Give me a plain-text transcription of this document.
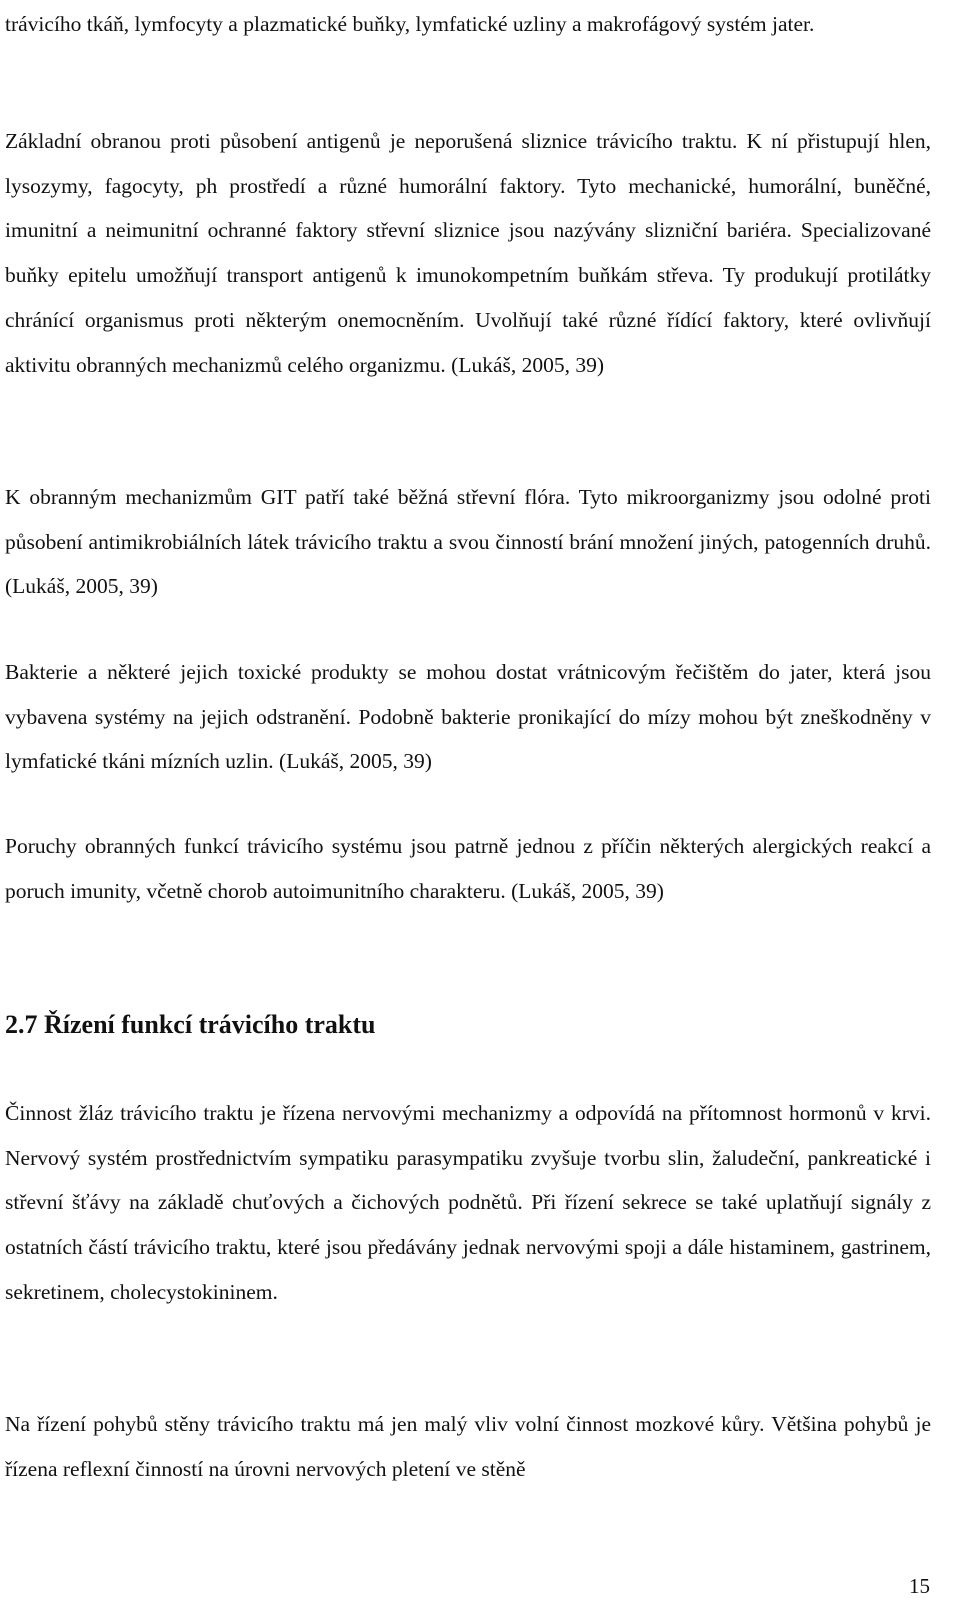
trávicího tkáň, lymfocyty a plazmatické buňky, lymfatické uzliny a makrofágový systém jater.

Základní obranou proti působení antigenů je neporušená sliznice trávicího traktu. K ní přistupují hlen, lysozymy, fagocyty, ph prostředí a různé humorální faktory. Tyto mechanické, humorální, buněčné, imunitní a neimunitní ochranné faktory střevní sliznice jsou nazývány slizniční bariéra. Specializované buňky epitelu umožňují transport antigenů k imunokompetním buňkám střeva. Ty produkují protilátky chránící organismus proti některým onemocněním. Uvolňují také různé řídící faktory, které ovlivňují aktivitu obranných mechanizmů celého organizmu. (Lukáš, 2005, 39)

K obranným mechanizmům GIT patří také běžná střevní flóra. Tyto mikroorganizmy jsou odolné proti působení antimikrobiálních látek trávicího traktu a svou činností brání množení jiných, patogenních druhů. (Lukáš, 2005, 39)

Bakterie a některé jejich toxické produkty se mohou dostat vrátnicovým řečištěm do jater, která jsou vybavena systémy na jejich odstranění. Podobně bakterie pronikající do mízy mohou být zneškodněny v lymfatické tkáni mízních uzlin. (Lukáš, 2005, 39)

Poruchy obranných funkcí trávicího systému jsou patrně jednou z příčin některých alergických reakcí a poruch imunity, včetně chorob autoimunitního charakteru. (Lukáš, 2005, 39)

2.7 Řízení funkcí trávicího traktu

Činnost žláz trávicího traktu je řízena nervovými mechanizmy a odpovídá na přítomnost hormonů v krvi. Nervový systém prostřednictvím sympatiku parasympatiku zvyšuje tvorbu slin, žaludeční, pankreatické i střevní šťávy na základě chuťových a čichových podnětů. Při řízení sekrece se také uplatňují signály z ostatních částí trávicího traktu, které jsou předávány jednak nervovými spoji a dále histaminem, gastrinem, sekretinem, cholecystokininem.

Na řízení pohybů stěny trávicího traktu má jen malý vliv volní činnost mozkové kůry. Většina pohybů je řízena reflexní činností na úrovni nervových pletení ve stěně

15
